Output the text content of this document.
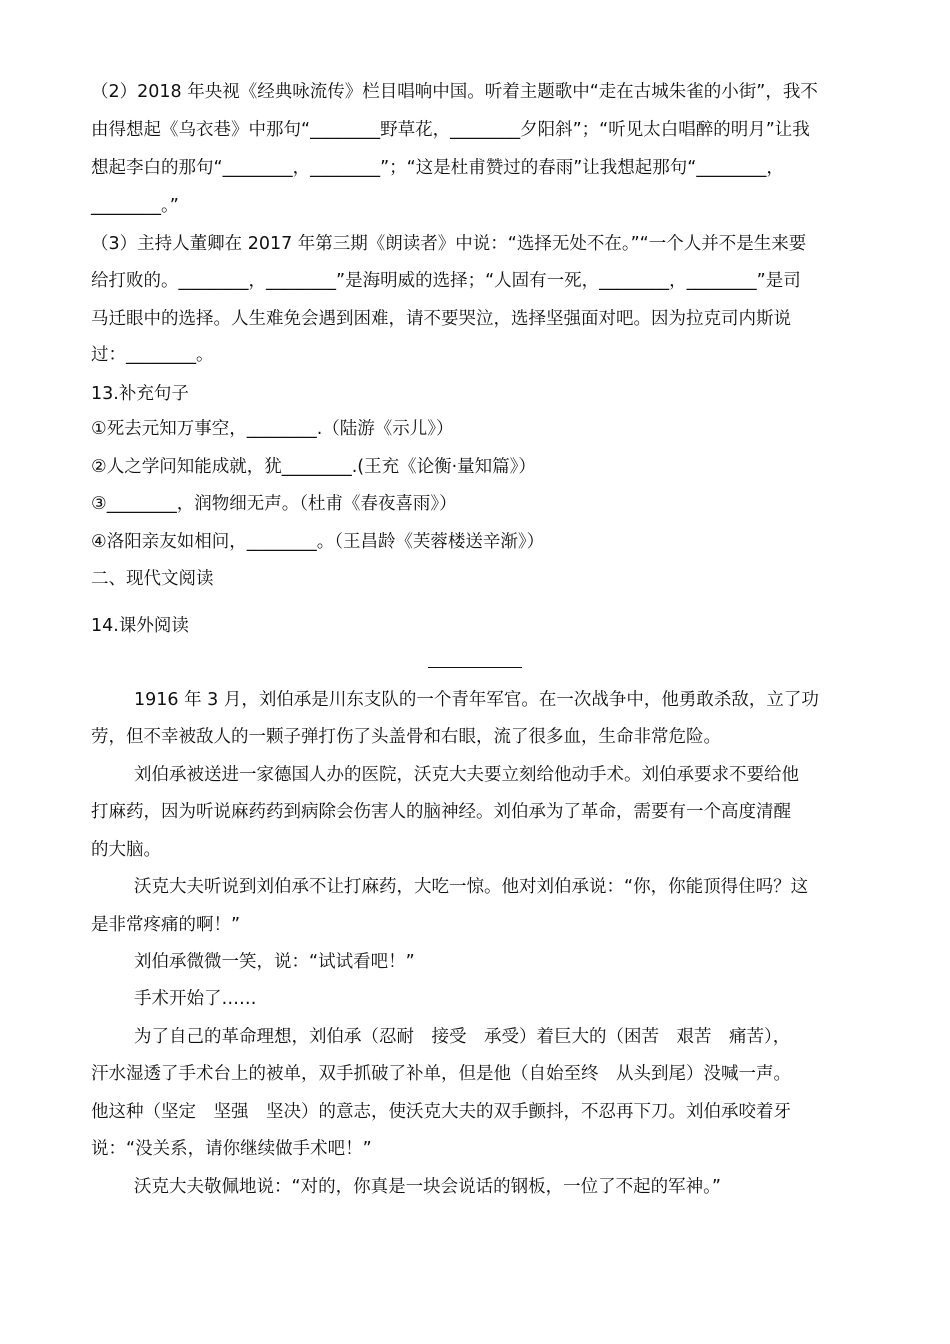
（2）2018 年央视《经典咏流传》栏目唱响中国。听着主题歌中“走在古城朱雀的小街”，我不
由得想起《乌衣巷》中那句“________野草花，________夕阳斜”；“听见太白唱醉的明月”让我
想起李白的那句“________，________”；“这是杜甫赞过的春雨”让我想起那句“________，
________。”
（3）主持人董卿在 2017 年第三期《朗读者》中说：“选择无处不在。”“一个人并不是生来要
给打败的。________，________”是海明威的选择；“人固有一死，________，________”是司
马迁眼中的选择。人生难免会遇到困难，请不要哭泣，选择坚强面对吧。因为拉克司内斯说
过：________。
13.补充句子
①死去元知万事空，________.（陆游《示儿》）
②人之学问知能成就，犹________.(王充《论衡·量知篇》）
③________，润物细无声。（杜甫《春夜喜雨》）
④洛阳亲友如相问，________。（王昌龄《芙蓉楼送辛渐》）
二、现代文阅读
14.课外阅读
1916 年 3 月，刘伯承是川东支队的一个青年军官。在一次战争中，他勇敢杀敌，立了功
劳，但不幸被敌人的一颗子弹打伤了头盖骨和右眼，流了很多血，生命非常危险。
刘伯承被送进一家德国人办的医院，沃克大夫要立刻给他动手术。刘伯承要求不要给他
打麻药，因为听说麻药药到病除会伤害人的脑神经。刘伯承为了革命，需要有一个高度清醒
的大脑。
沃克大夫听说到刘伯承不让打麻药，大吃一惊。他对刘伯承说：“你，你能顶得住吗？这
是非常疼痛的啊！”
刘伯承微微一笑，说：“试试看吧！”
手术开始了……
为了自己的革命理想，刘伯承（忍耐　接受　承受）着巨大的（困苦　艰苦　痛苦），
汗水湿透了手术台上的被单，双手抓破了补单，但是他（自始至终　从头到尾）没喊一声。
他这种（坚定　坚强　坚决）的意志，使沃克大夫的双手颤抖，不忍再下刀。刘伯承咬着牙
说：“没关系，请你继续做手术吧！”
沃克大夫敬佩地说：“对的，你真是一块会说话的钢板，一位了不起的军神。”
